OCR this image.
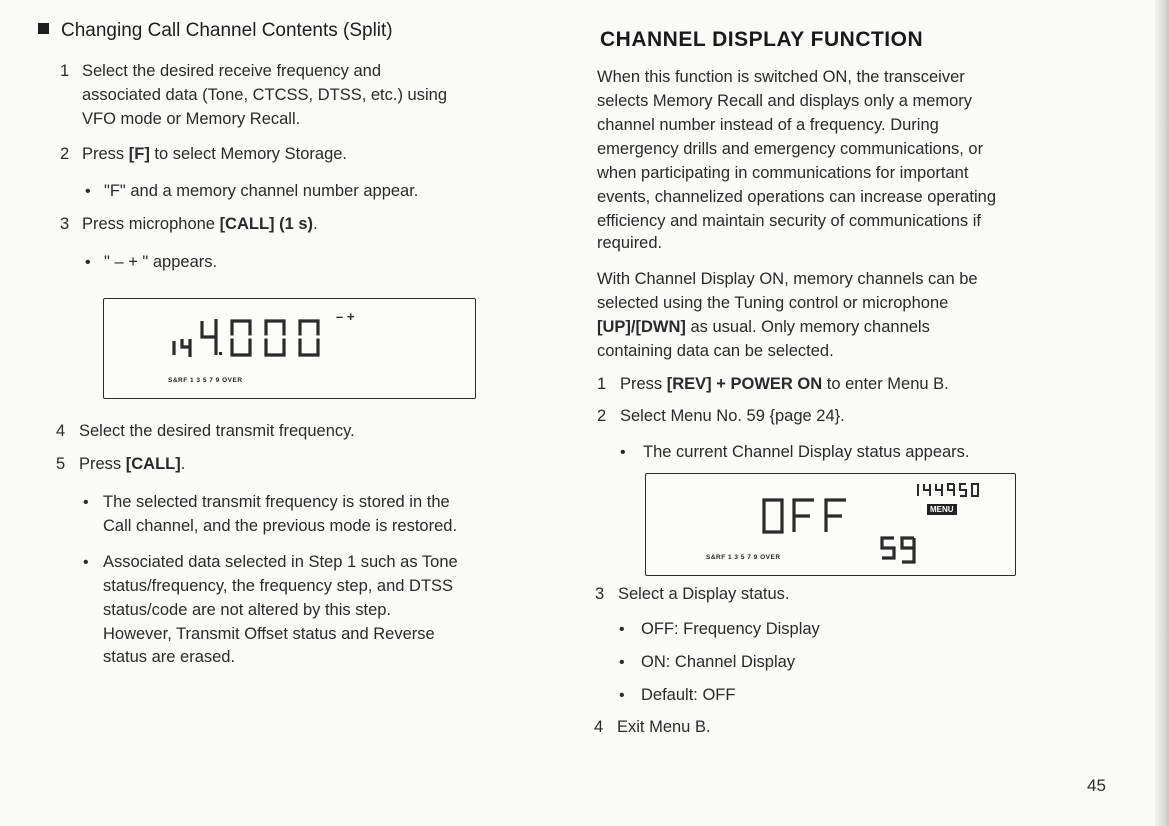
Changing Call Channel Contents (Split)
1 Select the desired receive frequency and
associated data (Tone, CTCSS, DTSS, etc.) using
VFO mode or Memory Recall.
2 Press [F] to select Memory Storage.
• "F" and a memory channel number appear.
3 Press microphone [CALL] (1 s).
• " – + " appears.
– +
S&RF 1 3 5 7 9 OVER
4 Select the desired transmit frequency.
5 Press [CALL].
• The selected transmit frequency is stored in the
Call channel, and the previous mode is restored.
• Associated data selected in Step 1 such as Tone
status/frequency, the frequency step, and DTSS
status/code are not altered by this step.
However, Transmit Offset status and Reverse
status are erased.
CHANNEL DISPLAY FUNCTION
When this function is switched ON, the transceiver
selects Memory Recall and displays only a memory
channel number instead of a frequency. During
emergency drills and emergency communications, or
when participating in communications for important
events, channelized operations can increase operating
efficiency and maintain security of communications if
required.
With Channel Display ON, memory channels can be
selected using the Tuning control or microphone
[UP]/[DWN] as usual. Only memory channels
containing data can be selected.
1 Press [REV] + POWER ON to enter Menu B.
2 Select Menu No. 59 {page 24}.
• The current Channel Display status appears.
MENU
S&RF 1 3 5 7 9 OVER
3 Select a Display status.
• OFF: Frequency Display
• ON: Channel Display
• Default: OFF
4 Exit Menu B.
45
